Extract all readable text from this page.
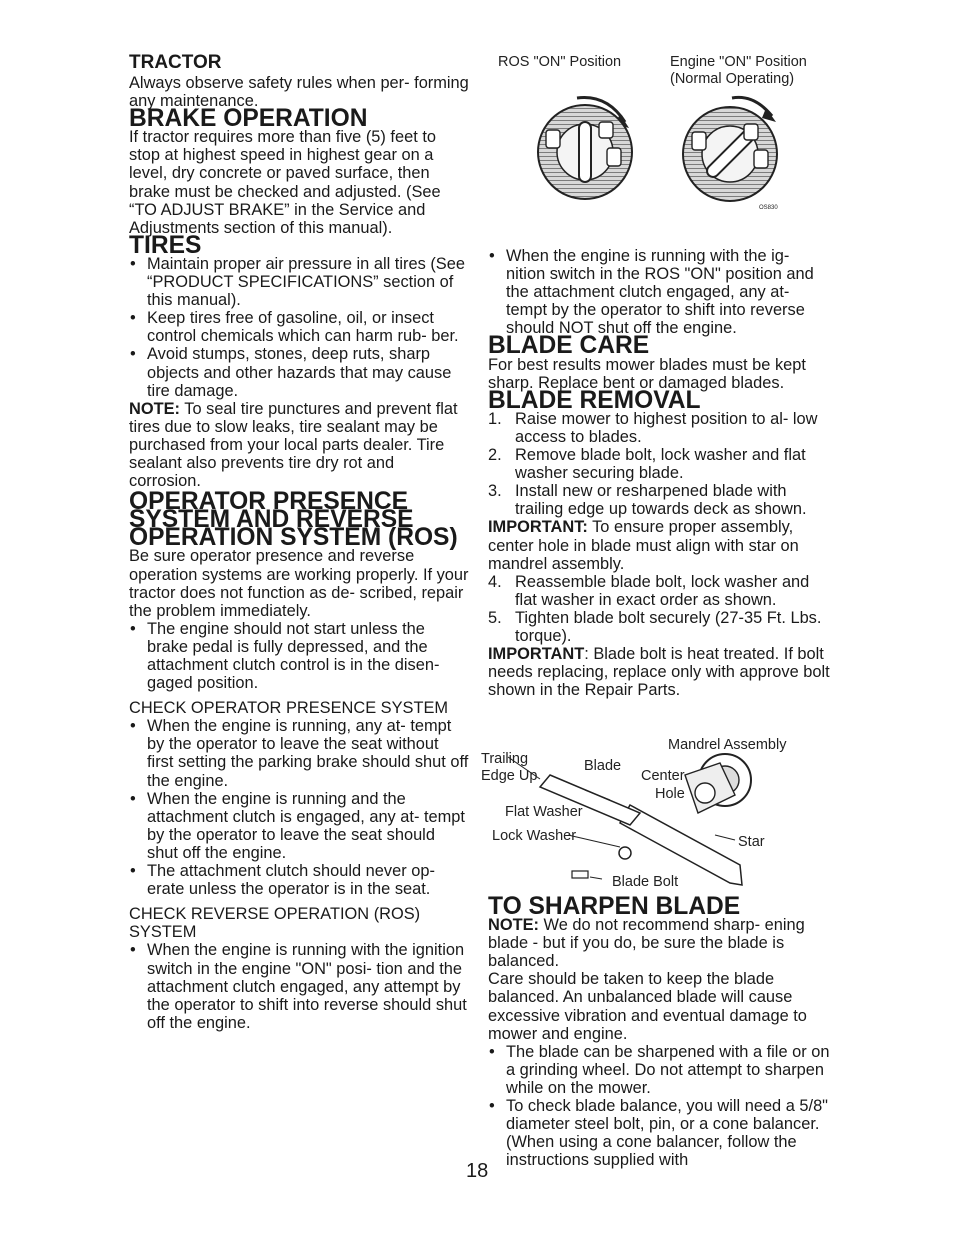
TRACTOR

Always observe safety rules when per- forming any maintenance.

BRAKE OPERATION

If tractor requires more than five (5) feet to stop at highest speed in highest gear on a level, dry concrete or paved surface, then brake must be checked and adjusted. (See “TO ADJUST BRAKE” in the Service and Adjustments section of this manual).

TIRES

• Maintain proper air pressure in all tires (See “PRODUCT SPECIFICATIONS” section of this manual).

• Keep tires free of gasoline, oil, or insect control chemicals which can harm rub- ber.

• Avoid stumps, stones, deep ruts, sharp objects and other hazards that may cause tire damage.

NOTE: To seal tire punctures and prevent flat tires due to slow leaks, tire sealant may be purchased from your local parts dealer. Tire sealant also prevents tire dry rot and corrosion.

OPERATOR PRESENCE SYSTEM AND REVERSE OPERATION SYSTEM (ROS)

Be sure operator presence and reverse operation systems are working properly. If your tractor does not function as de- scribed, repair the problem immediately.

• The engine should not start unless the brake pedal is fully depressed, and the attachment clutch control is in the disen- gaged position.

CHECK OPERATOR PRESENCE SYSTEM

• When the engine is running, any at- tempt by the operator to leave the seat without first setting the parking brake should shut off the engine.

• When the engine is running and the attachment clutch is engaged, any at- tempt by the operator to leave the seat should shut off the engine.

• The attachment clutch should never op- erate unless the operator is in the seat.

CHECK REVERSE OPERATION (ROS) SYSTEM

• When the engine is running with the ignition switch in the engine "ON" posi- tion and the attachment clutch engaged, any attempt by the operator to shift into reverse should shut off the engine.

ROS "ON" Position	Engine "ON" Position
(Normal Operating)
OS830

• When the engine is running with the ig- nition switch in the ROS "ON" position and the attachment clutch engaged, any at- tempt by the operator to shift into reverse should NOT shut off the engine.

BLADE CARE

For best results mower blades must be kept sharp. Replace bent or damaged blades.

BLADE REMOVAL

1. Raise mower to highest position to al- low access to blades.

2. Remove blade bolt, lock washer and flat washer securing blade.

3. Install new or resharpened blade with trailing edge up towards deck as shown.

IMPORTANT: To ensure proper assembly, center hole in blade must align with star on mandrel assembly.

4. Reassemble blade bolt, lock washer and flat washer in exact order as shown.

5. Tighten blade bolt securely (27-35 Ft. Lbs. torque).

IMPORTANT: Blade bolt is heat treated. If bolt needs replacing, replace only with approve bolt shown in the Repair Parts.

Mandrel Assembly
Trailing
Edge Up
Blade
Center
Hole
Flat Washer
Lock Washer	Star
Blade Bolt
TO SHARPEN BLADE

NOTE: We do not recommend sharp- ening blade - but if you do, be sure the blade is balanced.

Care should be taken to keep the blade balanced. An unbalanced blade will cause excessive vibration and eventual damage to mower and engine.

• The blade can be sharpened with a file or on a grinding wheel. Do not attempt to sharpen while on the mower.

• To check blade balance, you will need a 5/8" diameter steel bolt, pin, or a cone balancer. (When using a cone balancer, follow the instructions supplied with

18
